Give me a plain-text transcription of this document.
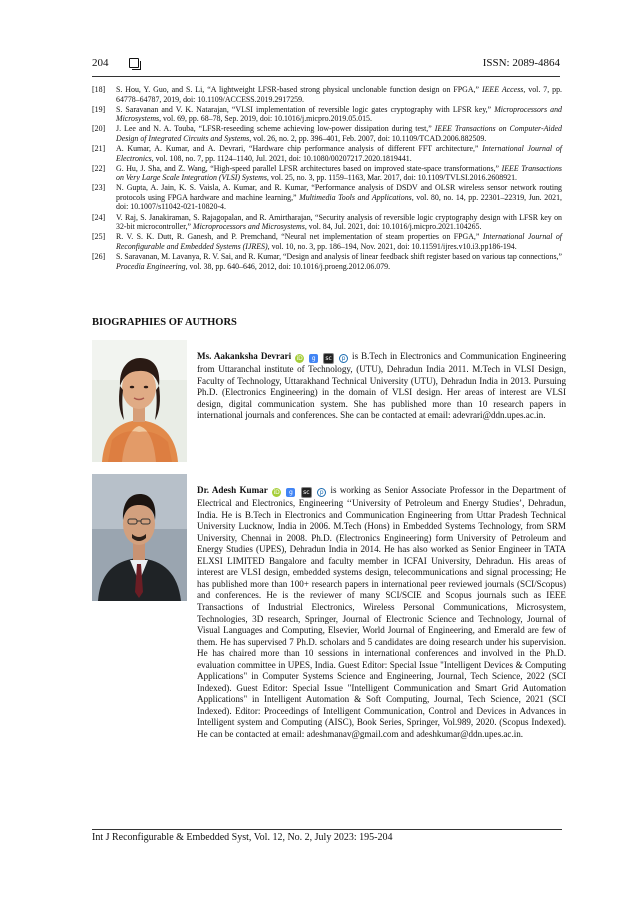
204	ISSN: 2089-4864
[18] S. Hou, Y. Guo, and S. Li, “A lightweight LFSR-based strong physical unclonable function design on FPGA,” IEEE Access, vol. 7, pp. 64778–64787, 2019, doi: 10.1109/ACCESS.2019.2917259.
[19] S. Saravanan and V. K. Natarajan, “VLSI implementation of reversible logic gates cryptography with LFSR key,” Microprocessors and Microsystems, vol. 69, pp. 68–78, Sep. 2019, doi: 10.1016/j.micpro.2019.05.015.
[20] J. Lee and N. A. Touba, “LFSR-reseeding scheme achieving low-power dissipation during test,” IEEE Transactions on Computer-Aided Design of Integrated Circuits and Systems, vol. 26, no. 2, pp. 396–401, Feb. 2007, doi: 10.1109/TCAD.2006.882509.
[21] A. Kumar, A. Kumar, and A. Devrari, “Hardware chip performance analysis of different FFT architecture,” International Journal of Electronics, vol. 108, no. 7, pp. 1124–1140, Jul. 2021, doi: 10.1080/00207217.2020.1819441.
[22] G. Hu, J. Sha, and Z. Wang, “High-speed parallel LFSR architectures based on improved state-space transformations,” IEEE Transactions on Very Large Scale Integration (VLSI) Systems, vol. 25, no. 3, pp. 1159–1163, Mar. 2017, doi: 10.1109/TVLSI.2016.2608921.
[23] N. Gupta, A. Jain, K. S. Vaisla, A. Kumar, and R. Kumar, “Performance analysis of DSDV and OLSR wireless sensor network routing protocols using FPGA hardware and machine learning,” Multimedia Tools and Applications, vol. 80, no. 14, pp. 22301–22319, Jun. 2021, doi: 10.1007/s11042-021-10820-4.
[24] V. Raj, S. Janakiraman, S. Rajagopalan, and R. Amirtharajan, “Security analysis of reversible logic cryptography design with LFSR key on 32-bit microcontroller,” Microprocessors and Microsystems, vol. 84, Jul. 2021, doi: 10.1016/j.micpro.2021.104265.
[25] R. V. S. K. Dutt, R. Ganesh, and P. Premchand, “Neural net implementation of steam properties on FPGA,” International Journal of Reconfigurable and Embedded Systems (IJRES), vol. 10, no. 3, pp. 186–194, Nov. 2021, doi: 10.11591/ijres.v10.i3.pp186-194.
[26] S. Saravanan, M. Lavanya, R. V. Sai, and R. Kumar, “Design and analysis of linear feedback shift register based on various tap connections,” Procedia Engineering, vol. 38, pp. 640–646, 2012, doi: 10.1016/j.proeng.2012.06.079.
BIOGRAPHIES OF AUTHORS

Ms. Aakanksha Devrari iD g sc p is B.Tech in Electronics and Communication Engineering from Uttaranchal institute of Technology, (UTU), Dehradun India 2011. M.Tech in VLSI Design, Faculty of Technology, Uttarakhand Technical University (UTU), Dehradun India in 2013. Pursuing Ph.D. (Electronics Engineering) in the domain of VLSI design. Her areas of interest are VLSI design, digital communication system. She has published more than 10 research papers in international journals and conferences. She can be contacted at email: adevrari@ddn.upes.ac.in.

Dr. Adesh Kumar iD g sc p is working as Senior Associate Professor in the Department of Electrical and Electronics, Engineering ‘‘University of Petroleum and Energy Studies’, Dehradun, India. He is B.Tech in Electronics and Communication Engineering from Uttar Pradesh Technical University Lucknow, India in 2006. M.Tech (Hons) in Embedded Systems Technology, from SRM University, Chennai in 2008. Ph.D. (Electronics Engineering) form University of Petroleum and Energy Studies (UPES), Dehradun India in 2014. He has also worked as Senior Engineer in TATA ELXSI LIMITED Bangalore and faculty member in ICFAI University, Dehradun. His areas of interest are VLSI design, embedded systems design, telecommunications and signal processing; He has published more than 100+ research papers in international peer reviewed journals (SCI/Scopus) and conferences. He is the reviewer of many SCI/SCIE and Scopus journals such as IEEE Transactions of Industrial Electronics, Wireless Personal Communications, Microsystem, Technologies, 3D research, Springer, Journal of Electronic Science and Technology, Journal of Visual Languages and Computing, Elsevier, World Journal of Engineering, and Emerald are few of them. He has supervised 7 Ph.D. scholars and 5 candidates are doing research under his supervision. He has chaired more than 10 sessions in international conferences and involved in the Ph.D. evaluation committee in UPES, India. Guest Editor: Special Issue "Intelligent Devices & Computing Applications" in Computer Systems Science and Engineering, Journal, Tech Science, 2022 (SCI Indexed). Guest Editor: Special Issue "Intelligent Communication and Smart Grid Automation Applications" in Intelligent Automation & Soft Computing, Journal, Tech Science, 2021 (SCI Indexed). Editor: Proceedings of Intelligent Communication, Control and Devices in Advances in Intelligent system and Computing (AISC), Book Series, Springer, Vol.989, 2020. (Scopus Indexed). He can be contacted at email: adeshmanav@gmail.com and adeshkumar@ddn.upes.ac.in.

Int J Reconfigurable & Embedded Syst, Vol. 12, No. 2, July 2023: 195-204
